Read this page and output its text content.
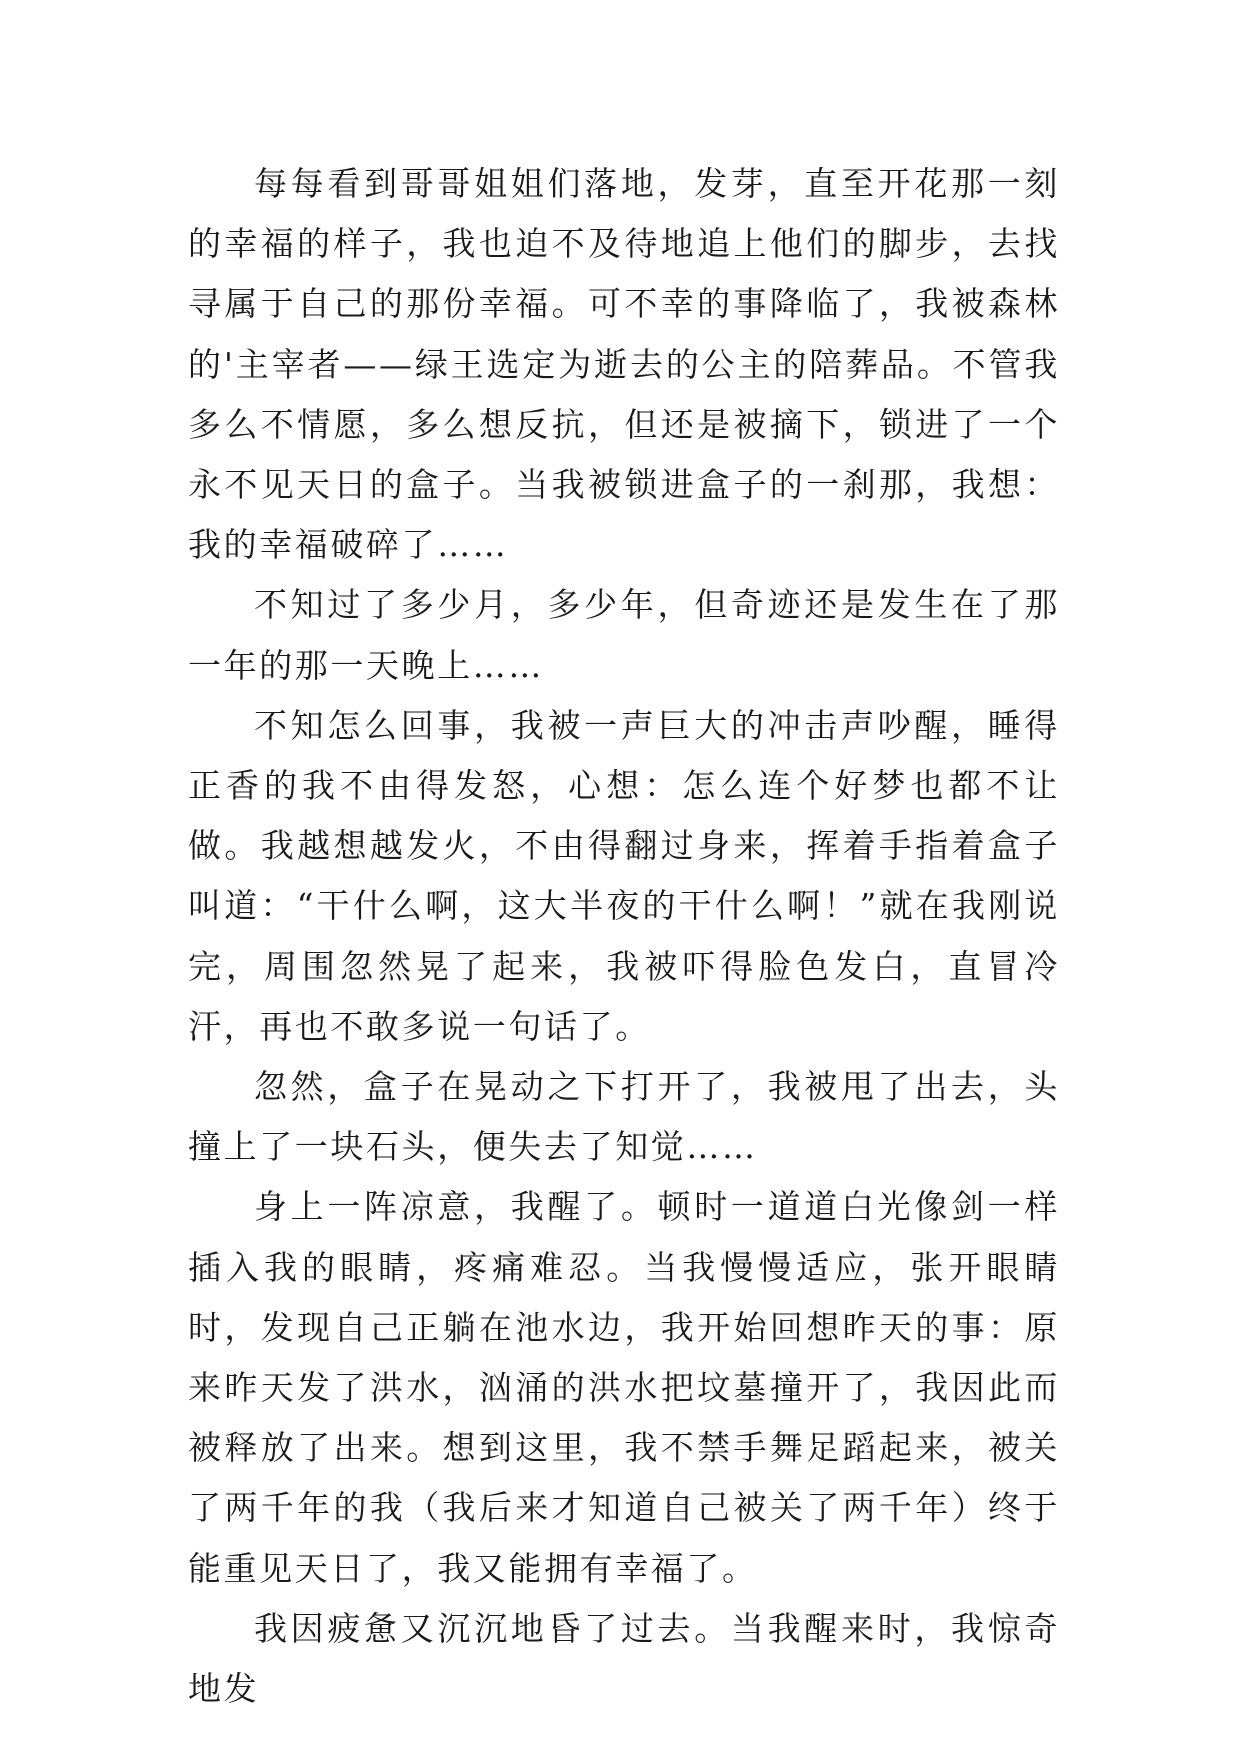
每每看到哥哥姐姐们落地，发芽，直至开花那一刻的幸福的样子，我也迫不及待地追上他们的脚步，去找寻属于自己的那份幸福。可不幸的事降临了，我被森林的'主宰者——绿王选定为逝去的公主的陪葬品。不管我多么不情愿，多么想反抗，但还是被摘下，锁进了一个永不见天日的盒子。当我被锁进盒子的一刹那，我想：我的幸福破碎了……

不知过了多少月，多少年，但奇迹还是发生在了那一年的那一天晚上……

不知怎么回事，我被一声巨大的冲击声吵醒，睡得正香的我不由得发怒，心想：怎么连个好梦也都不让做。我越想越发火，不由得翻过身来，挥着手指着盒子叫道：“干什么啊，这大半夜的干什么啊！”就在我刚说完，周围忽然晃了起来，我被吓得脸色发白，直冒冷汗，再也不敢多说一句话了。

忽然，盒子在晃动之下打开了，我被甩了出去，头撞上了一块石头，便失去了知觉……

身上一阵凉意，我醒了。顿时一道道白光像剑一样插入我的眼睛，疼痛难忍。当我慢慢适应，张开眼睛时，发现自己正躺在池水边，我开始回想昨天的事：原来昨天发了洪水，汹涌的洪水把坟墓撞开了，我因此而被释放了出来。想到这里，我不禁手舞足蹈起来，被关了两千年的我（我后来才知道自己被关了两千年）终于能重见天日了，我又能拥有幸福了。

我因疲惫又沉沉地昏了过去。当我醒来时，我惊奇地发
